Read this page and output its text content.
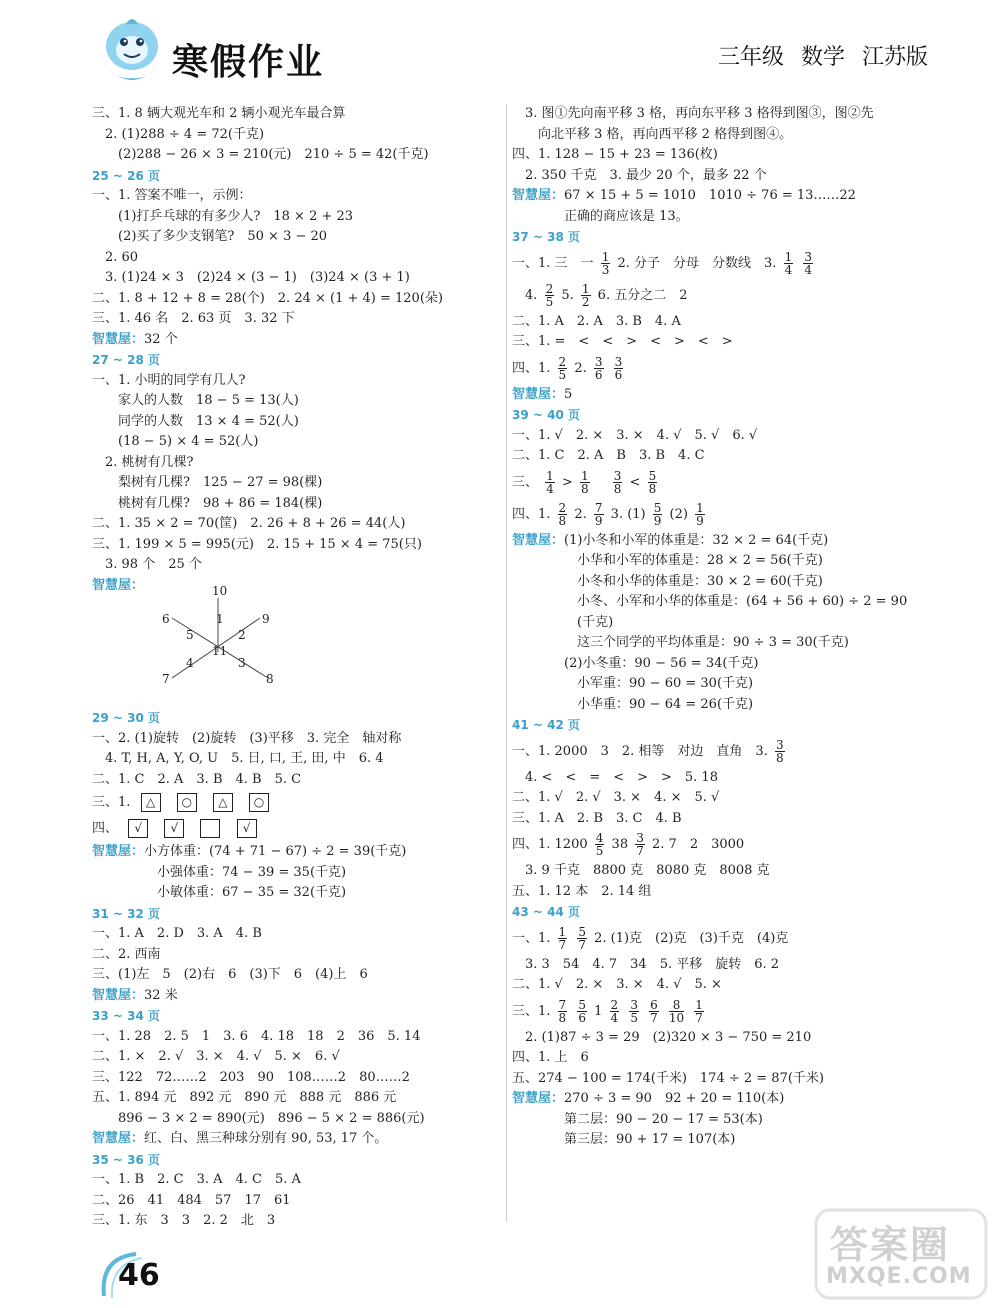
寒假作业	三年级 数学 江苏版
三、1. 8 辆大观光车和 2 辆小观光车最合算
　2. (1)288 ÷ 4 = 72(千克)
　　(2)288 − 26 × 3 = 210(元)　210 ÷ 5 = 42(千克)
25 ~ 26 页
一、1. 答案不唯一，示例：
　　(1)打乒乓球的有多少人?　18 × 2 + 23
　　(2)买了多少支钢笔?　50 × 3 − 20
　2. 60
　3. (1)24 × 3　(2)24 × (3 − 1)　(3)24 × (3 + 1)
二、1. 8 + 12 + 8 = 28(个)　2. 24 × (1 + 4) = 120(朵)
三、1. 46 名　2. 63 页　3. 32 下
智慧屋：32 个
27 ~ 28 页
一、1. 小明的同学有几人?
　　家人的人数　18 − 5 = 13(人)
　　同学的人数　13 × 4 = 52(人)
　　(18 − 5) × 4 = 52(人)
　2. 桃树有几棵?
　　梨树有几棵?　125 − 27 = 98(棵)
　　桃树有几棵?　98 + 86 = 184(棵)
二、1. 35 × 2 = 70(筐)　2. 26 + 8 + 26 = 44(人)
三、1. 199 × 5 = 995(元)　2. 15 + 15 × 4 = 75(只)
　3. 98 个　25 个
智慧屋：
29 ~ 30 页
一、2. (1)旋转　(2)旋转　(3)平移　3. 完全　轴对称
　4. T, H, A, Y, O, U　5. 日, 口, 王, 田, 中　6. 4
二、1. C　2. A　3. B　4. B　5. C
三、1. △ ○ △ ○
四、 √ √	√
智慧屋：小方体重：(74 + 71 − 67) ÷ 2 = 39(千克)
　　　　　小强体重：74 − 39 = 35(千克)
　　　　　小敏体重：67 − 35 = 32(千克)
31 ~ 32 页
一、1. A　2. D　3. A　4. B
二、2. 西南
三、(1)左　5　(2)右　6　(3)下　6　(4)上　6
智慧屋：32 米
33 ~ 34 页
一、1. 28　2. 5　1　3. 6　4. 18　18　2　36　5. 14
二、1. ×　2. √　3. ×　4. √　5. ×　6. √
三、122　72……2　203　90　108……2　80……2
五、1. 894 元　892 元　890 元　888 元　886 元
　　896 − 3 × 2 = 890(元)　896 − 5 × 2 = 886(元)
智慧屋：红、白、黑三种球分别有 90, 53, 17 个。
35 ~ 36 页
一、1. B　2. C　3. A　4. C　5. A
二、26　41　484　57　17　61
三、1. 东　3　3　2. 2　北　3
10
6	1	9
5	2
11
4	3
7	8
　3. 图①先向南平移 3 格，再向东平移 3 格得到图③，图②先
　　向北平移 3 格，再向西平移 2 格得到图④。
四、1. 128 − 15 + 23 = 136(枚)
　2. 350 千克　3. 最少 20 个，最多 22 个
智慧屋：67 × 15 + 5 = 1010　1010 ÷ 76 = 13……22
　　　　正确的商应该是 13。
37 ~ 38 页
一、1. 三　一 $\frac{1}{3} 2$. 分子　分母　分数线　3. $\frac{1}{4}$
$\frac{3}{4}$
　4. $\frac{2}{5} 5$. $\frac{1}{2} 6$. 五分之二　2
二、1. A　2. A　3. B　4. A
三、1. =　<　<　>　<　>　<　>
四、1. $\frac{2}{5} 2$. $\frac{3}{6}$
$\frac{3}{6}$
智慧屋：5
39 ~ 40 页
一、1. √　2. ×　3. ×　4. √　5. √　6. √
二、1. C　2. A　B　3. B　4. C
三、 $\frac{1}{4} > \frac{1}{8}$
　 $\frac{3}{8} < \frac{5}{8}$
四、1. $\frac{2}{8} 2$. $\frac{7}{9} 3$. $(1) \frac{5}{9} (2) \frac{1}{9}$
智慧屋：(1)小冬和小军的体重是：32 × 2 = 64(千克)
　　　　　小华和小军的体重是：28 × 2 = 56(千克)
　　　　　小冬和小华的体重是：30 × 2 = 60(千克)
　　　　　小冬、小军和小华的体重是：(64 + 56 + 60) ÷ 2 = 90
　　　　　(千克)
　　　　　这三个同学的平均体重是：90 ÷ 3 = 30(千克)
　　　　(2)小冬重：90 − 56 = 34(千克)
　　　　　小军重：90 − 60 = 30(千克)
　　　　　小华重：90 − 64 = 26(千克)
41 ~ 42 页
一、1. 2000　3　2. 相等　对边　直角　3. $\frac{3}{8}$
　4. <　<　=　<　>　>　5. 18
二、1. √　2. √　3. ×　4. ×　5. √
三、1. A　2. B　3. C　4. B
四、1. $1200 \frac{4}{5} 38 \frac{3}{7} 2$. 7　2　3000
　3. 9 千克　8800 克　8080 克　8008 克
五、1. 12 本　2. 14 组
43 ~ 44 页
一、1. $\frac{1}{7}$
$\frac{5}{7} 2$. (1)克　(2)克　(3)千克　(4)克
　3. 3　54　4. 7　34　5. 平移　旋转　6. 2
二、1. √　2. ×　3. ×　4. √　5. ×
三、1. $\frac{7}{8}$
$\frac{5}{6} 1 \frac{2}{4}$
$\frac{3}{5}$
$\frac{6}{7}$
$\frac{8}{10}$
$\frac{1}{7}$
　2. (1)87 ÷ 3 = 29　(2)320 × 3 − 750 = 210
四、1. 上　6
五、274 − 100 = 174(千米)　174 ÷ 2 = 87(千米)
智慧屋：270 ÷ 3 = 90　92 + 20 = 110(本)
　　　　第二层：90 − 20 − 17 = 53(本)
　　　　第三层：90 + 17 = 107(本)
46
答案圈
MXQE.COM
